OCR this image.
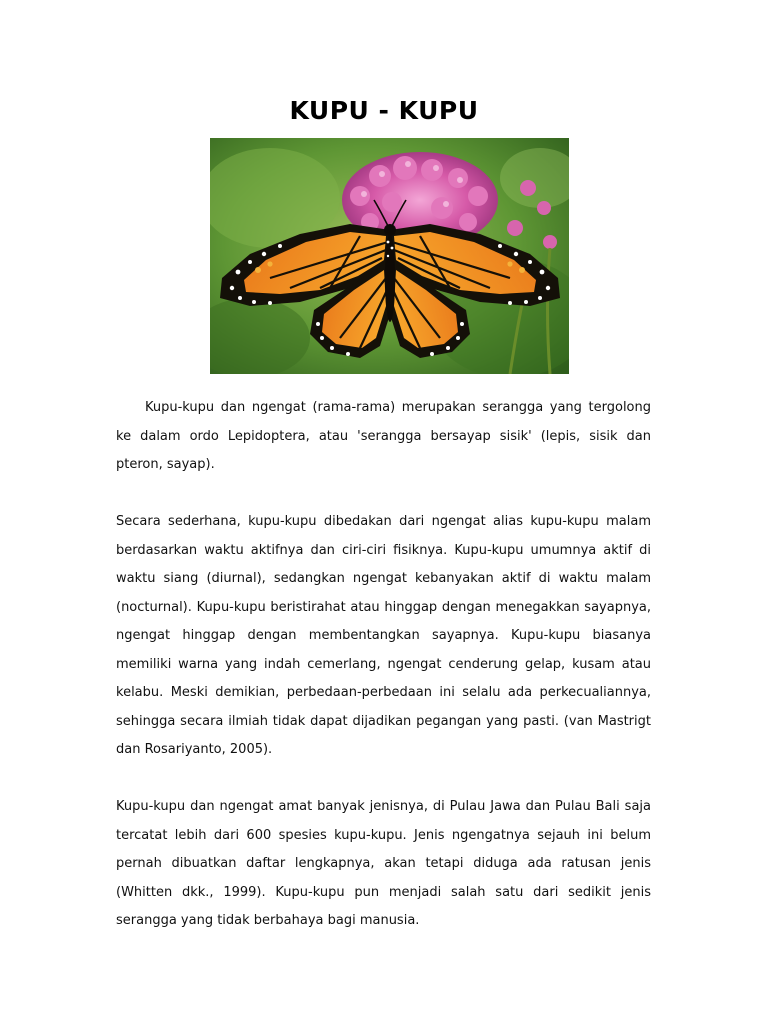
KUPU - KUPU

Kupu-kupu dan ngengat (rama-rama) merupakan serangga yang tergolong ke dalam ordo Lepidoptera, atau 'serangga bersayap sisik' (lepis, sisik dan pteron, sayap).

Secara sederhana, kupu-kupu dibedakan dari ngengat alias kupu-kupu malam berdasarkan waktu aktifnya dan ciri-ciri fisiknya. Kupu-kupu umumnya aktif di waktu siang (diurnal), sedangkan ngengat kebanyakan aktif di waktu malam (nocturnal). Kupu-kupu beristirahat atau hinggap dengan menegakkan sayapnya, ngengat hinggap dengan membentangkan sayapnya. Kupu-kupu biasanya memiliki warna yang indah cemerlang, ngengat cenderung gelap, kusam atau kelabu. Meski demikian, perbedaan-perbedaan ini selalu ada perkecualiannya, sehingga secara ilmiah tidak dapat dijadikan pegangan yang pasti. (van Mastrigt dan Rosariyanto, 2005).

Kupu-kupu dan ngengat amat banyak jenisnya, di Pulau Jawa dan Pulau Bali saja tercatat lebih dari 600 spesies kupu-kupu. Jenis ngengatnya sejauh ini belum pernah dibuatkan daftar lengkapnya, akan tetapi diduga ada ratusan jenis (Whitten dkk., 1999). Kupu-kupu pun menjadi salah satu dari sedikit jenis serangga yang tidak berbahaya bagi manusia.
